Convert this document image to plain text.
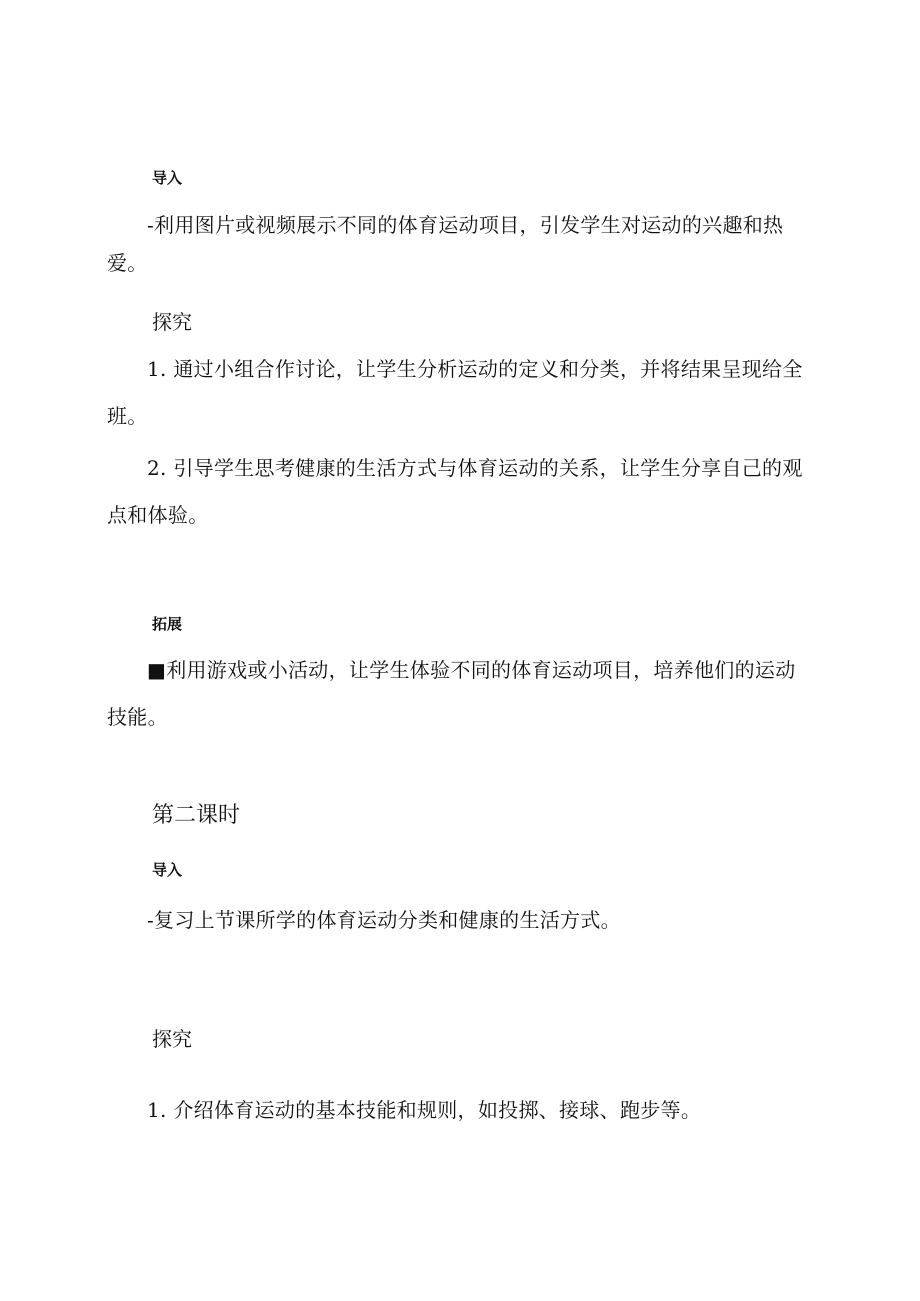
导入

-利用图片或视频展示不同的体育运动项目，引发学生对运动的兴趣和热爱。

探究

1. 通过小组合作讨论，让学生分析运动的定义和分类，并将结果呈现给全班。

2. 引导学生思考健康的生活方式与体育运动的关系，让学生分享自己的观点和体验。

拓展

■利用游戏或小活动，让学生体验不同的体育运动项目，培养他们的运动技能。

第二课时

导入

-复习上节课所学的体育运动分类和健康的生活方式。

探究

1. 介绍体育运动的基本技能和规则，如投掷、接球、跑步等。
